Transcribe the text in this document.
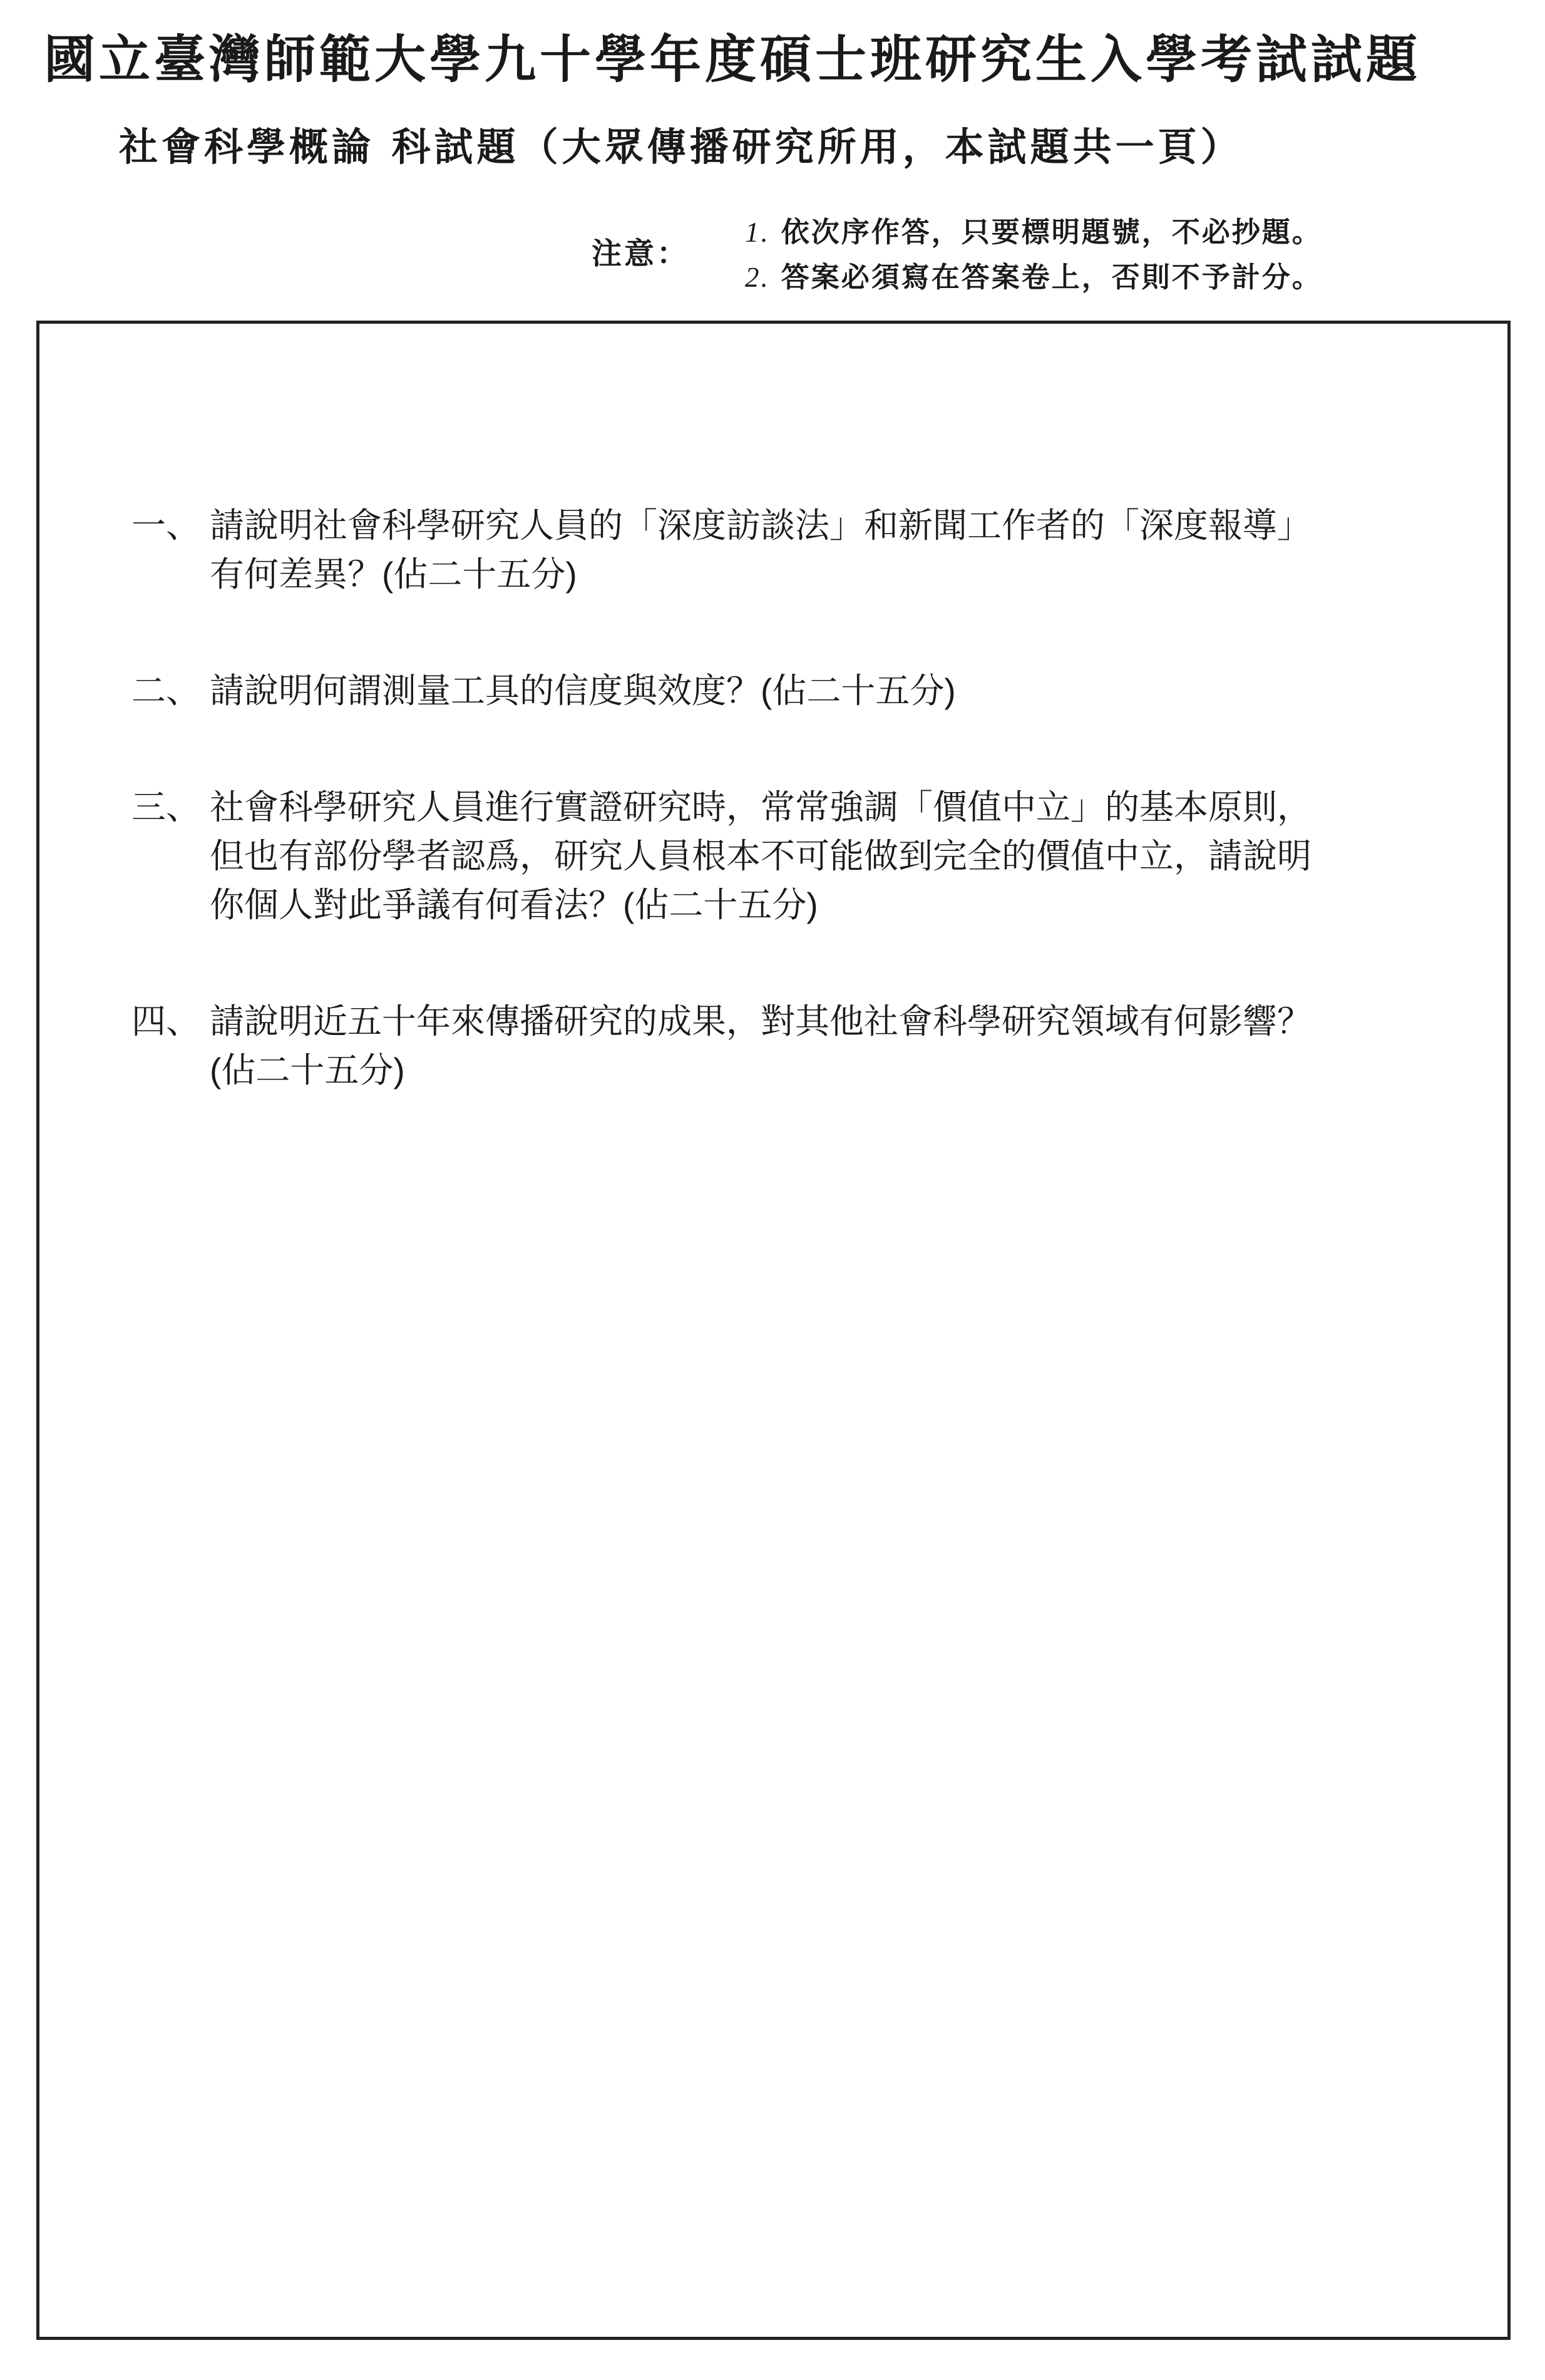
國立臺灣師範大學九十學年度碩士班研究生入學考試試題
社會科學概論 科試題（大眾傳播研究所用，本試題共一頁）
注意：
1. 依次序作答，只要標明題號，不必抄題。
2. 答案必須寫在答案卷上，否則不予計分。
一、 請說明社會科學研究人員的「深度訪談法」和新聞工作者的「深度報導」
有何差異？(佔二十五分)
二、 請說明何謂測量工具的信度與效度？(佔二十五分)
三、 社會科學研究人員進行實證研究時，常常強調「價值中立」的基本原則，
但也有部份學者認爲，研究人員根本不可能做到完全的價值中立，請說明
你個人對此爭議有何看法？(佔二十五分)
四、 請說明近五十年來傳播研究的成果，對其他社會科學研究領域有何影響？
(佔二十五分)
